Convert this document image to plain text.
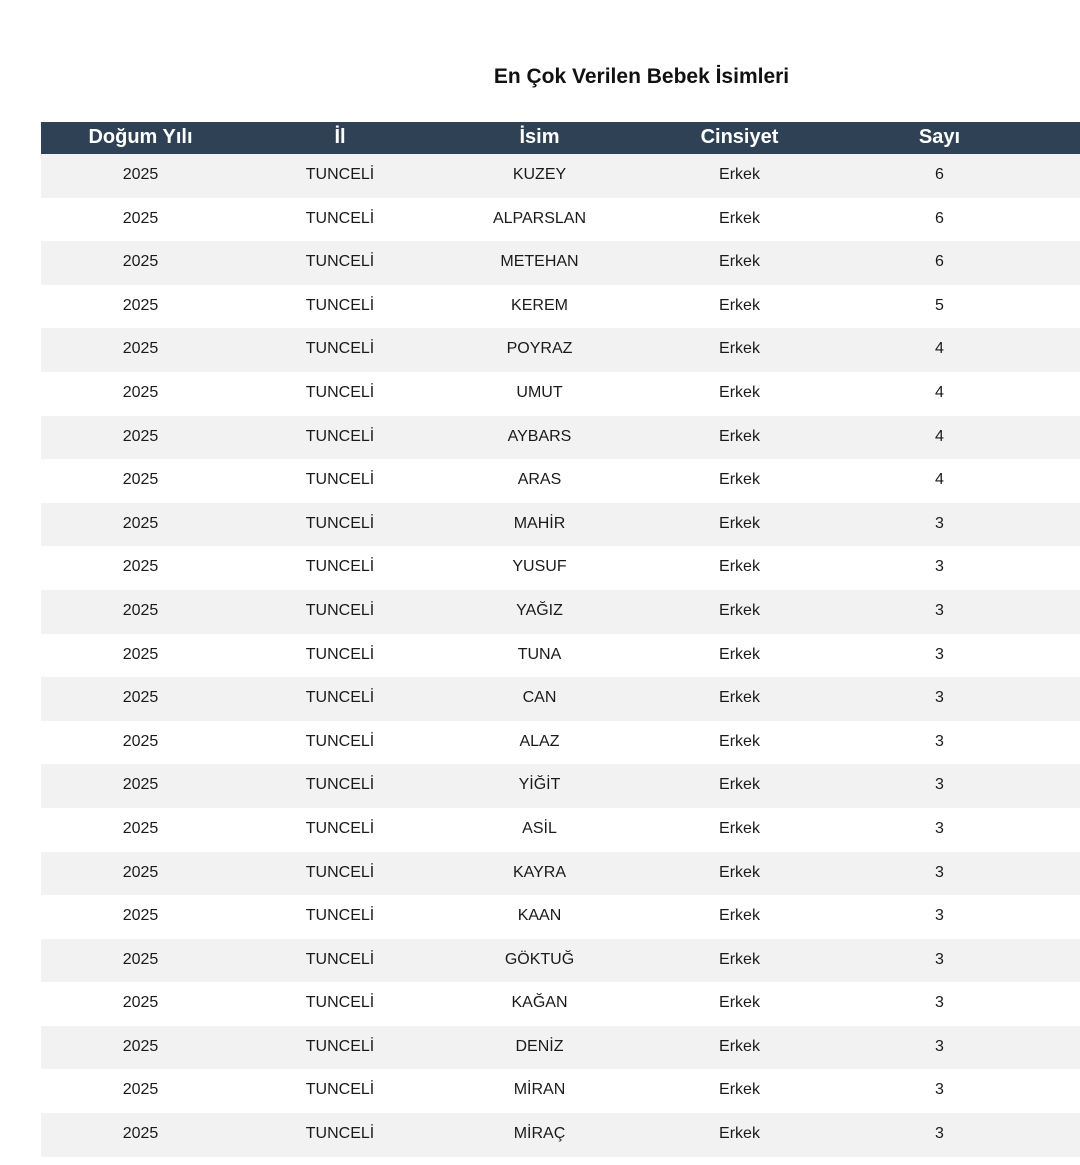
En Çok Verilen Bebek İsimleri
Doğum Yılı	İl	İsim	Cinsiyet	Sayı
2025	TUNCELİ	KUZEY	Erkek	6
2025	TUNCELİ	ALPARSLAN	Erkek	6
2025	TUNCELİ	METEHAN	Erkek	6
2025	TUNCELİ	KEREM	Erkek	5
2025	TUNCELİ	POYRAZ	Erkek	4
2025	TUNCELİ	UMUT	Erkek	4
2025	TUNCELİ	AYBARS	Erkek	4
2025	TUNCELİ	ARAS	Erkek	4
2025	TUNCELİ	MAHİR	Erkek	3
2025	TUNCELİ	YUSUF	Erkek	3
2025	TUNCELİ	YAĞIZ	Erkek	3
2025	TUNCELİ	TUNA	Erkek	3
2025	TUNCELİ	CAN	Erkek	3
2025	TUNCELİ	ALAZ	Erkek	3
2025	TUNCELİ	YİĞİT	Erkek	3
2025	TUNCELİ	ASİL	Erkek	3
2025	TUNCELİ	KAYRA	Erkek	3
2025	TUNCELİ	KAAN	Erkek	3
2025	TUNCELİ	GÖKTUĞ	Erkek	3
2025	TUNCELİ	KAĞAN	Erkek	3
2025	TUNCELİ	DENİZ	Erkek	3
2025	TUNCELİ	MİRAN	Erkek	3
2025	TUNCELİ	MİRAÇ	Erkek	3
